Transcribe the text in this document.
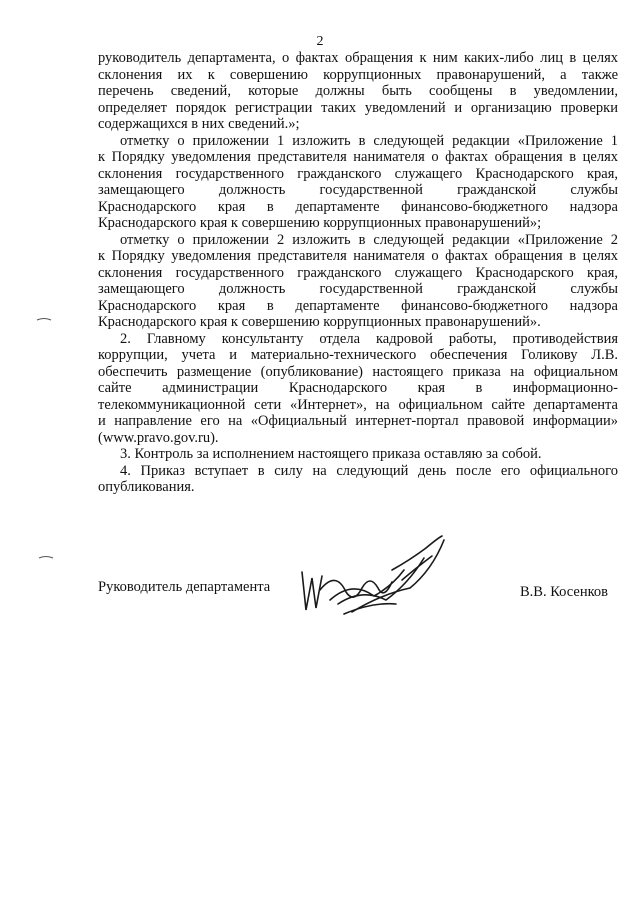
2
руководитель департамента, о фактах обращения к ним каких-либо лиц в целях
склонения их к совершению коррупционных правонарушений, а также
перечень сведений, которые должны быть сообщены в уведомлении,
определяет порядок регистрации таких уведомлений и организацию проверки
содержащихся в них сведений.»;
отметку о приложении 1 изложить в следующей редакции «Приложение 1
к Порядку уведомления представителя нанимателя о фактах обращения в целях
склонения государственного гражданского служащего Краснодарского края,
замещающего должность государственной гражданской службы
Краснодарского края в департаменте финансово-бюджетного надзора
Краснодарского края к совершению коррупционных правонарушений»;
отметку о приложении 2 изложить в следующей редакции «Приложение 2
к Порядку уведомления представителя нанимателя о фактах обращения в целях
склонения государственного гражданского служащего Краснодарского края,
замещающего должность государственной гражданской службы
Краснодарского края в департаменте финансово-бюджетного надзора
Краснодарского края к совершению коррупционных правонарушений».
2. Главному консультанту отдела кадровой работы, противодействия
коррупции, учета и материально-технического обеспечения Голикову Л.В.
обеспечить размещение (опубликование) настоящего приказа на официальном
сайте администрации Краснодарского края в информационно-
телекоммуникационной сети «Интернет», на официальном сайте департамента
и направление его на «Официальный интернет-портал правовой информации»
(www.pravo.gov.ru).
3. Контроль за исполнением настоящего приказа оставляю за собой.
4. Приказ вступает в силу на следующий день после его официального
опубликования.
Руководитель департамента	В.В. Косенков
